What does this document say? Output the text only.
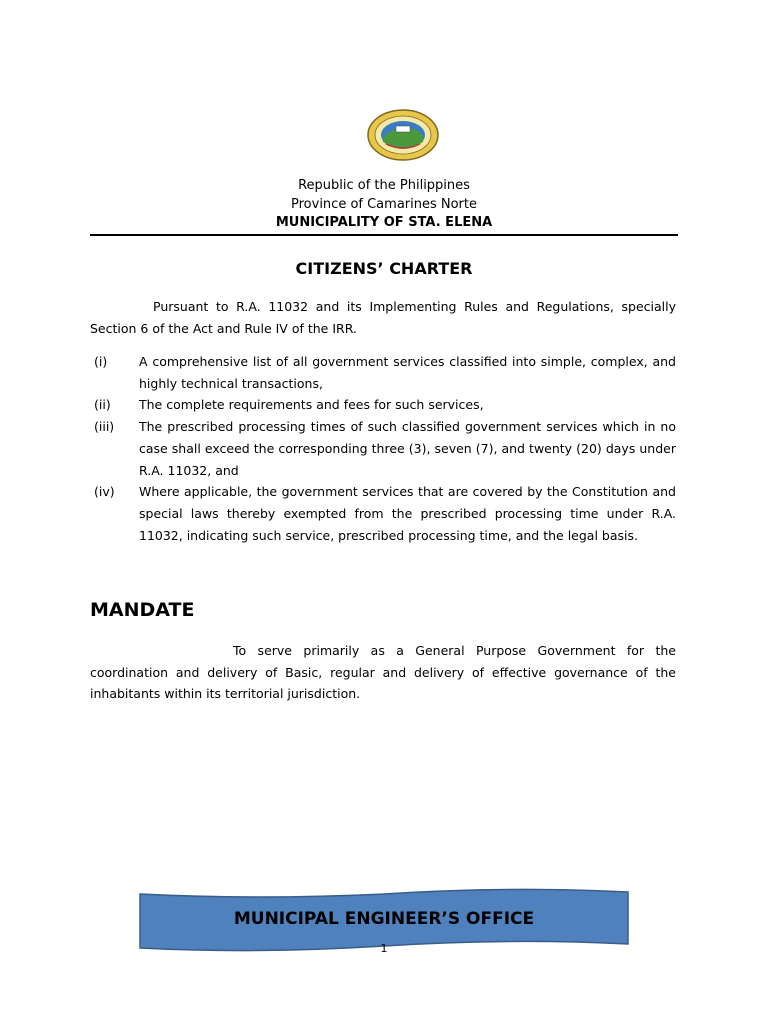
Republic of the Philippines
Province of Camarines Norte
MUNICIPALITY OF STA. ELENA
CITIZENS’ CHARTER
Pursuant to R.A. 11032 and its Implementing Rules and Regulations, specially Section 6 of the Act and Rule IV of the IRR.
(i)	A comprehensive list of all government services classified into simple, complex, and highly technical transactions,
(ii)	The complete requirements and fees for such services,
(iii)	The prescribed processing times of such classified government services which in no case shall exceed the corresponding three (3), seven (7), and twenty (20) days under R.A. 11032, and
(iv)	Where applicable, the government services that are covered by the Constitution and special laws thereby exempted from the prescribed processing time under R.A. 11032, indicating such service, prescribed processing time, and the legal basis.
MANDATE
To serve primarily as a General Purpose Government for the coordination and delivery of Basic, regular and delivery of effective governance of the inhabitants within its territorial jurisdiction.
MUNICIPAL ENGINEER’S OFFICE
1
